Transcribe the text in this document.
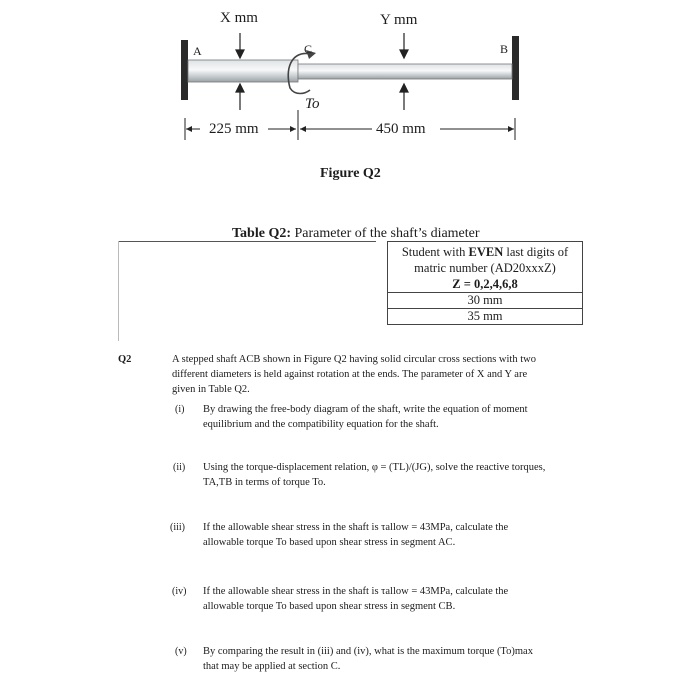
X mm	Y mm
A	B
C
To
225 mm	450 mm
Figure Q2
Table Q2: Parameter of the shaft’s diameter
Student with EVEN last digits of
matric number (AD20xxxZ)
Z = 0,2,4,6,8
30 mm
35 mm
Q2	A stepped shaft ACB shown in Figure Q2 having solid circular cross sections with two different diameters is held against rotation at the ends. The parameter of X and Y are given in Table Q2.
(i) By drawing the free-body diagram of the shaft, write the equation of moment equilibrium and the compatibility equation for the shaft.
(ii) Using the torque-displacement relation, φ = (TL)/(JG), solve the reactive torques, TA,TB in terms of torque To.
(iii) If the allowable shear stress in the shaft is τallow = 43MPa, calculate the allowable torque To based upon shear stress in segment AC.
(iv) If the allowable shear stress in the shaft is τallow = 43MPa, calculate the allowable torque To based upon shear stress in segment CB.
(v) By comparing the result in (iii) and (iv), what is the maximum torque (To)max that may be applied at section C.
